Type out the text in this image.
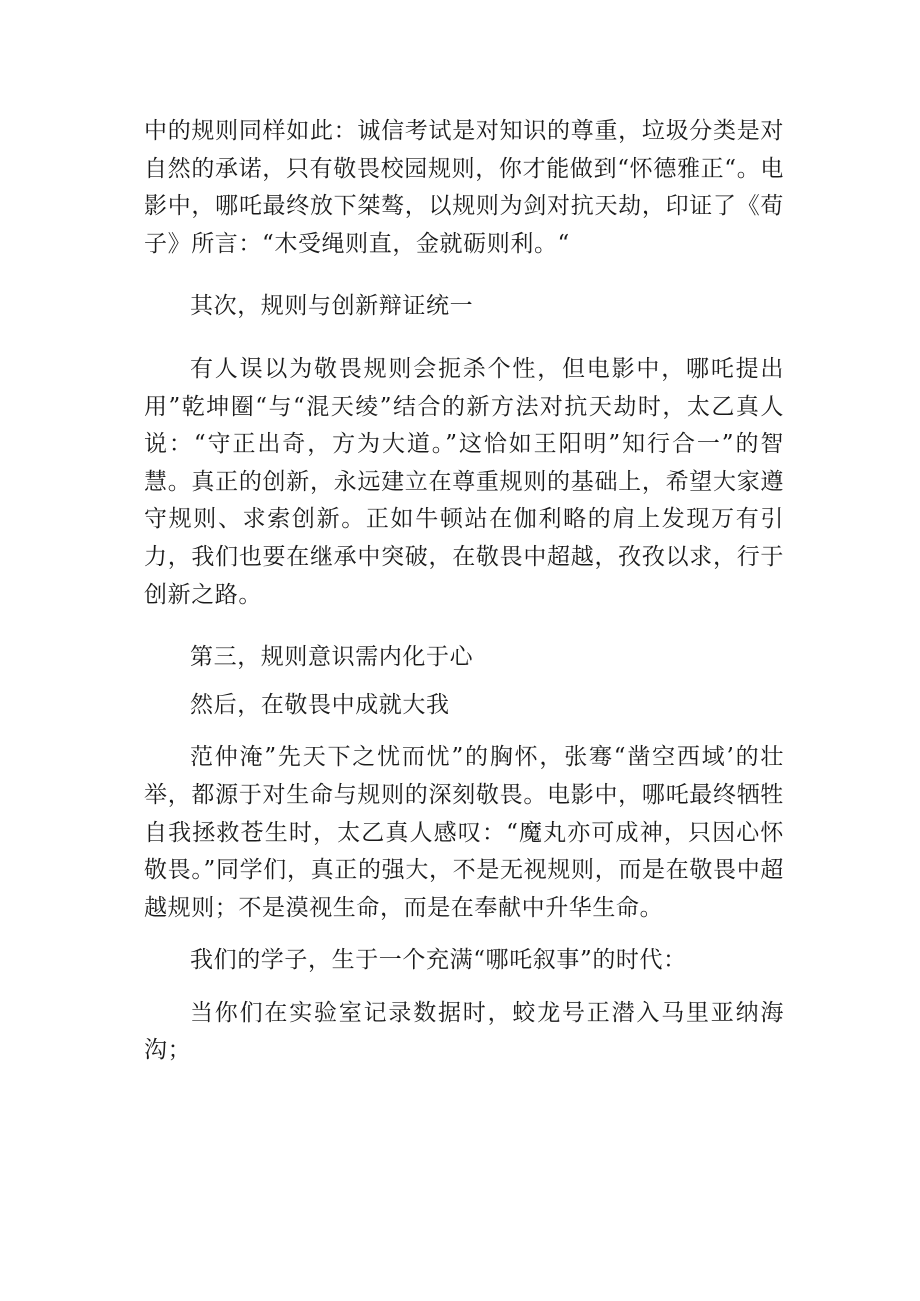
中的规则同样如此：诚信考试是对知识的尊重，垃圾分类是对自然的承诺，只有敬畏校园规则，你才能做到“怀德雅正“。电影中，哪吒最终放下桀骜，以规则为剑对抗天劫，印证了《荀子》所言：“木受绳则直，金就砺则利。“

其次，规则与创新辩证统一

有人误以为敬畏规则会扼杀个性，但电影中，哪吒提出用”乾坤圈“与“混天绫”结合的新方法对抗天劫时，太乙真人说：“守正出奇，方为大道。”这恰如王阳明”知行合一”的智慧。真正的创新，永远建立在尊重规则的基础上，希望大家遵守规则、求索创新。正如牛顿站在伽利略的肩上发现万有引力，我们也要在继承中突破，在敬畏中超越，孜孜以求，行于创新之路。

第三，规则意识需内化于心

然后，在敬畏中成就大我

范仲淹”先天下之忧而忧”的胸怀，张骞“凿空西域’的壮举，都源于对生命与规则的深刻敬畏。电影中，哪吒最终牺牲自我拯救苍生时，太乙真人感叹：“魔丸亦可成神，只因心怀敬畏。”同学们，真正的强大，不是无视规则，而是在敬畏中超越规则；不是漠视生命，而是在奉献中升华生命。

我们的学子，生于一个充满“哪吒叙事”的时代：

当你们在实验室记录数据时，蛟龙号正潜入马里亚纳海沟；
